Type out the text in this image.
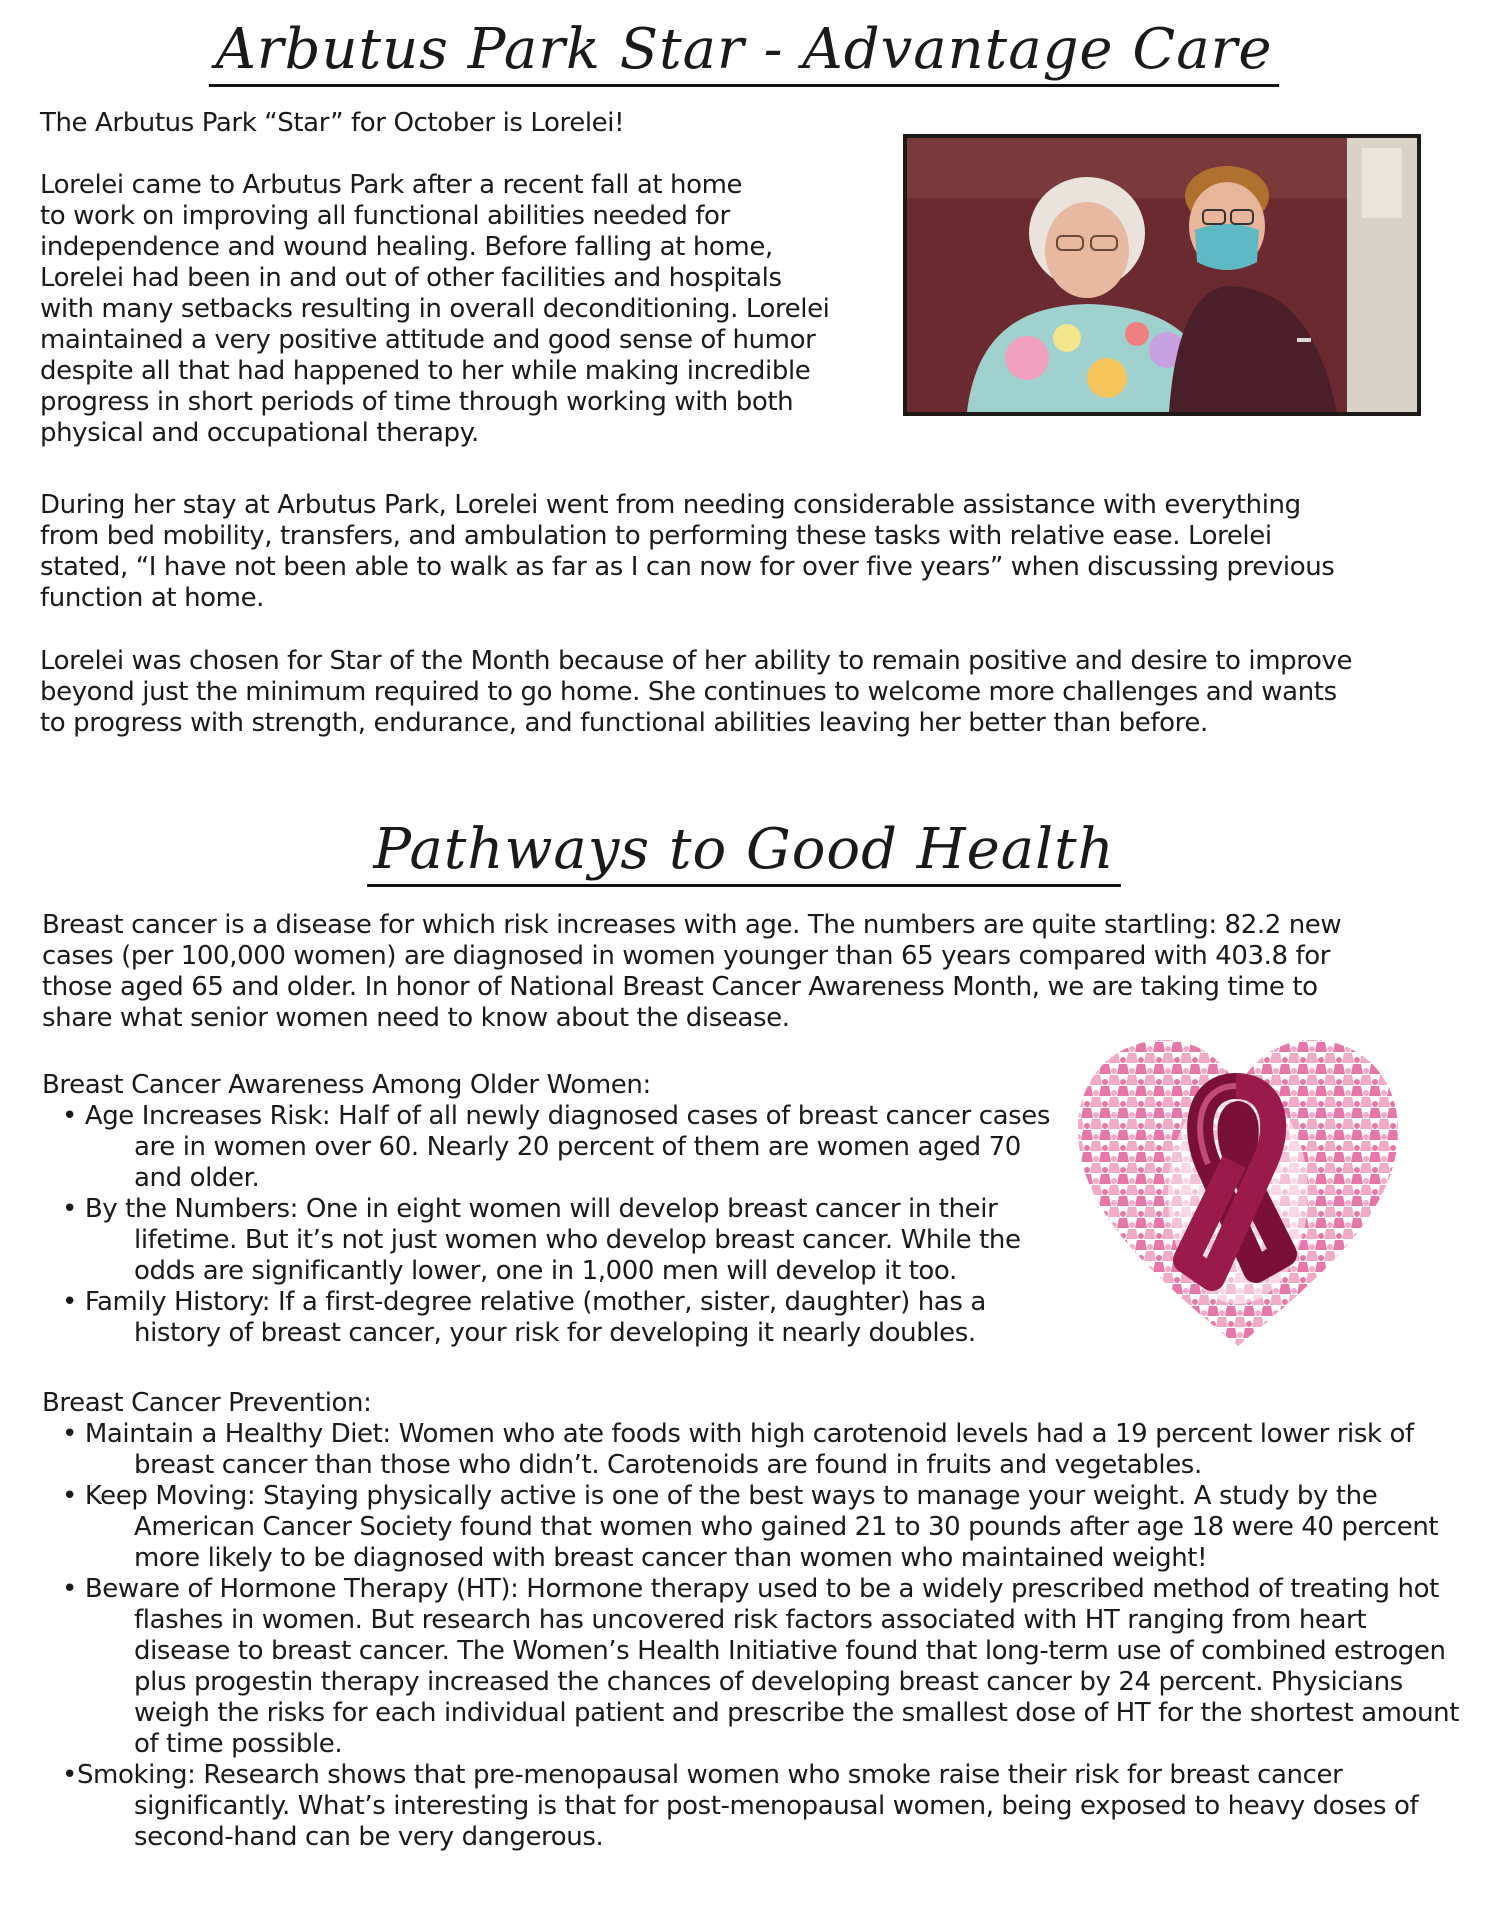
Arbutus Park Star - Advantage Care
The Arbutus Park “Star” for October is Lorelei!
Lorelei came to Arbutus Park after a recent fall at home
to work on improving all functional abilities needed for
independence and wound healing. Before falling at home,
Lorelei had been in and out of other facilities and hospitals
with many setbacks resulting in overall deconditioning. Lorelei
maintained a very positive attitude and good sense of humor
despite all that had happened to her while making incredible
progress in short periods of time through working with both
physical and occupational therapy.
During her stay at Arbutus Park, Lorelei went from needing considerable assistance with everything
from bed mobility, transfers, and ambulation to performing these tasks with relative ease. Lorelei
stated, “I have not been able to walk as far as I can now for over five years” when discussing previous
function at home.
Lorelei was chosen for Star of the Month because of her ability to remain positive and desire to improve
beyond just the minimum required to go home. She continues to welcome more challenges and wants
to progress with strength, endurance, and functional abilities leaving her better than before.
Pathways to Good Health
Breast cancer is a disease for which risk increases with age. The numbers are quite startling: 82.2 new
cases (per 100,000 women) are diagnosed in women younger than 65 years compared with 403.8 for
those aged 65 and older. In honor of National Breast Cancer Awareness Month, we are taking time to
share what senior women need to know about the disease.

Breast Cancer Awareness Among Older Women:

• Age Increases Risk: Half of all newly diagnosed cases of breast cancer cases are in women over 60. Nearly 20 percent of them are women aged 70 and older.
• By the Numbers: One in eight women will develop breast cancer in their lifetime. But it’s not just women who develop breast cancer. While the odds are significantly lower, one in 1,000 men will develop it too.
• Family History: If a first-degree relative (mother, sister, daughter) has a history of breast cancer, your risk for developing it nearly doubles.

Breast Cancer Prevention:

• Maintain a Healthy Diet: Women who ate foods with high carotenoid levels had a 19 percent lower risk of breast cancer than those who didn’t. Carotenoids are found in fruits and vegetables.
• Keep Moving: Staying physically active is one of the best ways to manage your weight. A study by the American Cancer Society found that women who gained 21 to 30 pounds after age 18 were 40 percent more likely to be diagnosed with breast cancer than women who maintained weight!
• Beware of Hormone Therapy (HT): Hormone therapy used to be a widely prescribed method of treating hot flashes in women. But research has uncovered risk factors associated with HT ranging from heart disease to breast cancer. The Women’s Health Initiative found that long-term use of combined estrogen plus progestin therapy increased the chances of developing breast cancer by 24 percent. Physicians weigh the risks for each individual patient and prescribe the smallest dose of HT for the shortest amount of time possible.
• Smoking: Research shows that pre-menopausal women who smoke raise their risk for breast cancer significantly. What’s interesting is that for post-menopausal women, being exposed to heavy doses of second-hand can be very dangerous.
